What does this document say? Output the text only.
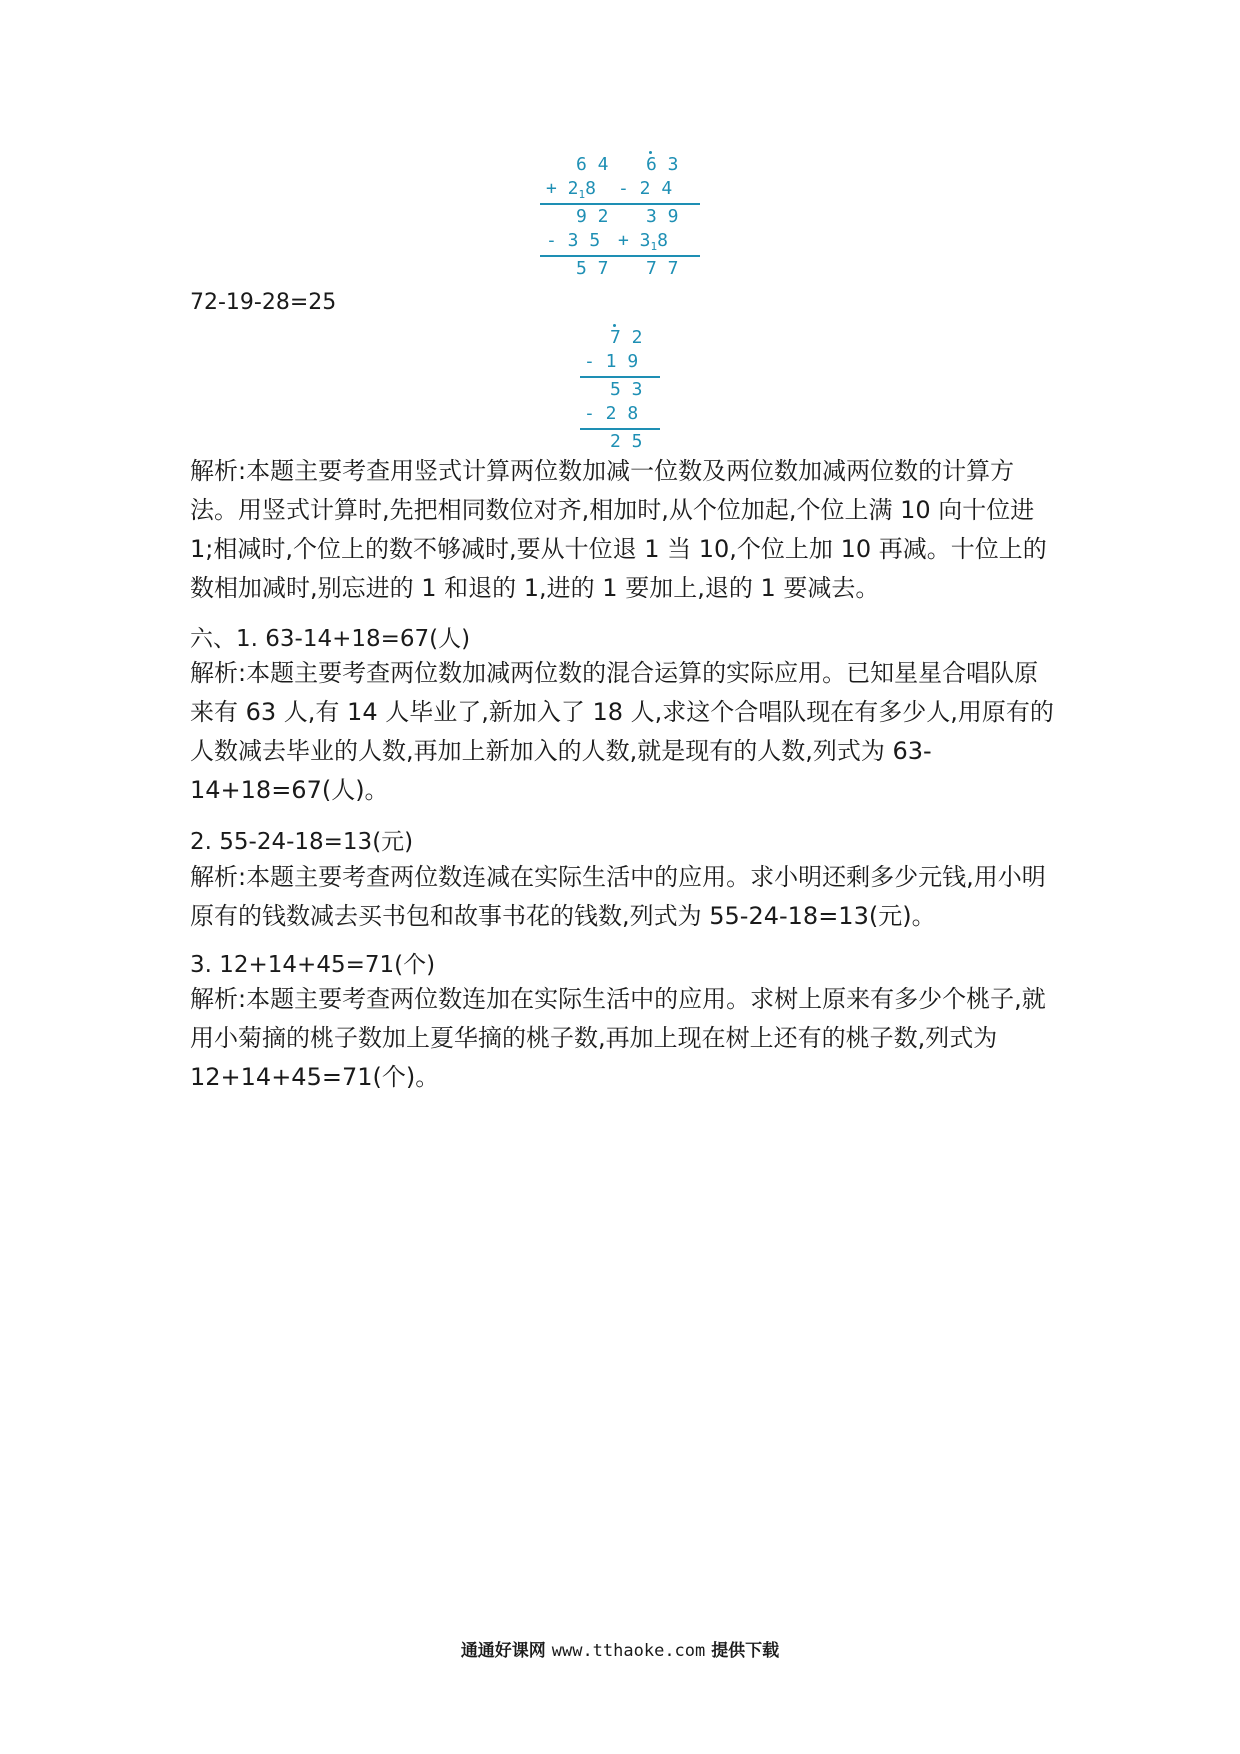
6 4
+ $2_18$
9 2
- 3 5
5 7
6 3
- 2 4
3 9
+ $3_18$
7 7
72-19-28=25
7 2
- 1 9
5 3
- 2 8
2 5
解析:本题主要考查用竖式计算两位数加减一位数及两位数加减两位数的计算方法。用竖式计算时,先把相同数位对齐,相加时,从个位加起,个位上满 10 向十位进 1;相减时,个位上的数不够减时,要从十位退 1 当 10,个位上加 10 再减。十位上的数相加减时,别忘进的 1 和退的 1,进的 1 要加上,退的 1 要减去。
六、1. 63-14+18=67(人)
解析:本题主要考查两位数加减两位数的混合运算的实际应用。已知星星合唱队原来有 63 人,有 14 人毕业了,新加入了 18 人,求这个合唱队现在有多少人,用原有的人数减去毕业的人数,再加上新加入的人数,就是现有的人数,列式为 63-14+18=67(人)。
2. 55-24-18=13(元)
解析:本题主要考查两位数连减在实际生活中的应用。求小明还剩多少元钱,用小明原有的钱数减去买书包和故事书花的钱数,列式为 55-24-18=13(元)。
3. 12+14+45=71(个)
解析:本题主要考查两位数连加在实际生活中的应用。求树上原来有多少个桃子,就用小菊摘的桃子数加上夏华摘的桃子数,再加上现在树上还有的桃子数,列式为 12+14+45=71(个)。
通通好课网 www.tthaoke.com 提供下载
